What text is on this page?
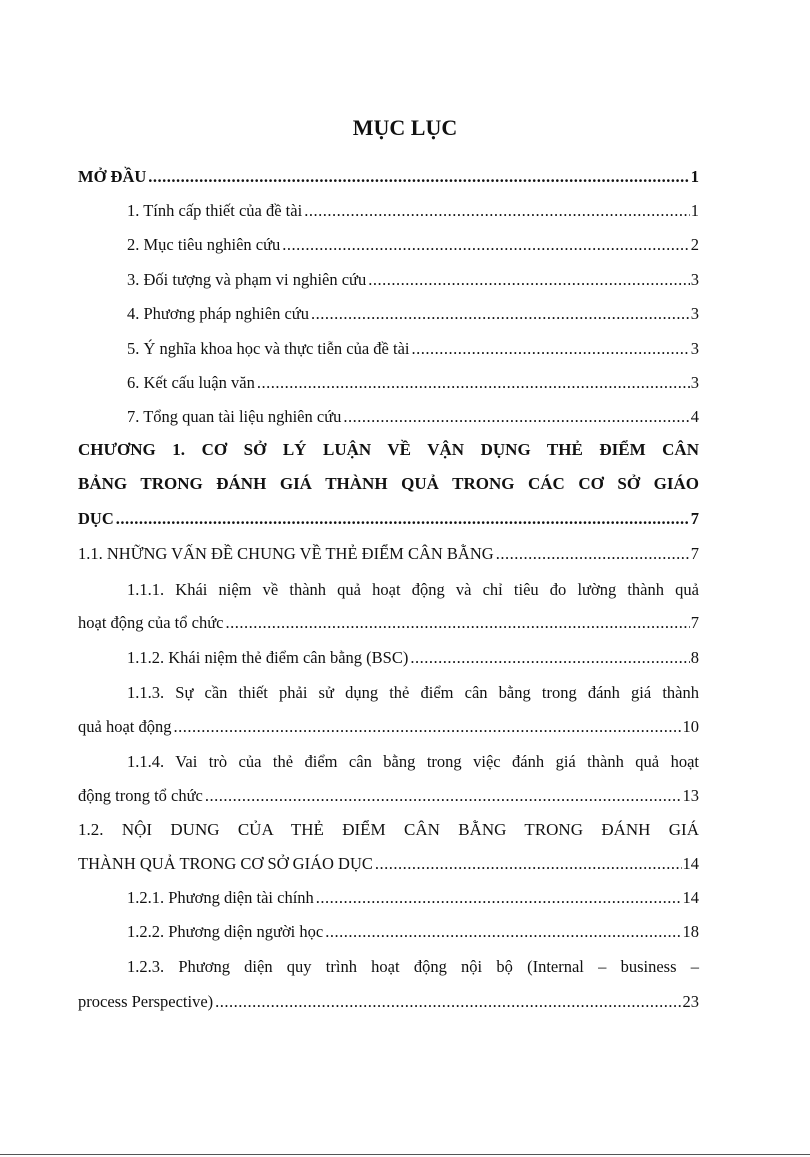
MỤC LỤC
MỞ ĐẦU .....	1
1. Tính cấp thiết của đề tài .....	1
2. Mục tiêu nghiên cứu .....	2
3. Đối tượng và phạm vi nghiên cứu .....	3
4. Phương pháp nghiên cứu .....	3
5. Ý nghĩa khoa học và thực tiễn của đề tài .....	3
6. Kết cấu luận văn .....	3
7. Tổng quan tài liệu nghiên cứu .....	4
CHƯƠNG 1. CƠ SỞ LÝ LUẬN VỀ VẬN DỤNG THẺ ĐIỂM CÂN
BẢNG TRONG ĐÁNH GIÁ THÀNH QUẢ TRONG CÁC CƠ SỞ GIÁO
DỤC .....	7
1.1. NHỮNG VẤN ĐỀ CHUNG VỀ THẺ ĐIỂM CÂN BẰNG .....	7
1.1.1. Khái niệm về thành quả hoạt động và chỉ tiêu đo lường thành quả
hoạt động của tổ chức .....	7
1.1.2. Khái niệm thẻ điểm cân bằng (BSC) .....	8
1.1.3. Sự cần thiết phải sử dụng thẻ điểm cân bằng trong đánh giá thành
quả hoạt động .....	10
1.1.4. Vai trò của thẻ điểm cân bằng trong việc đánh giá thành quả hoạt
động trong tổ chức .....	13
1.2. NỘI DUNG CỦA THẺ ĐIỂM CÂN BẰNG TRONG ĐÁNH GIÁ
THÀNH QUẢ TRONG CƠ SỞ GIÁO DỤC .....	14
1.2.1. Phương diện tài chính .....	14
1.2.2. Phương diện người học .....	18
1.2.3. Phương diện quy trình hoạt động nội bộ (Internal – business –
process Perspective) .....	23
